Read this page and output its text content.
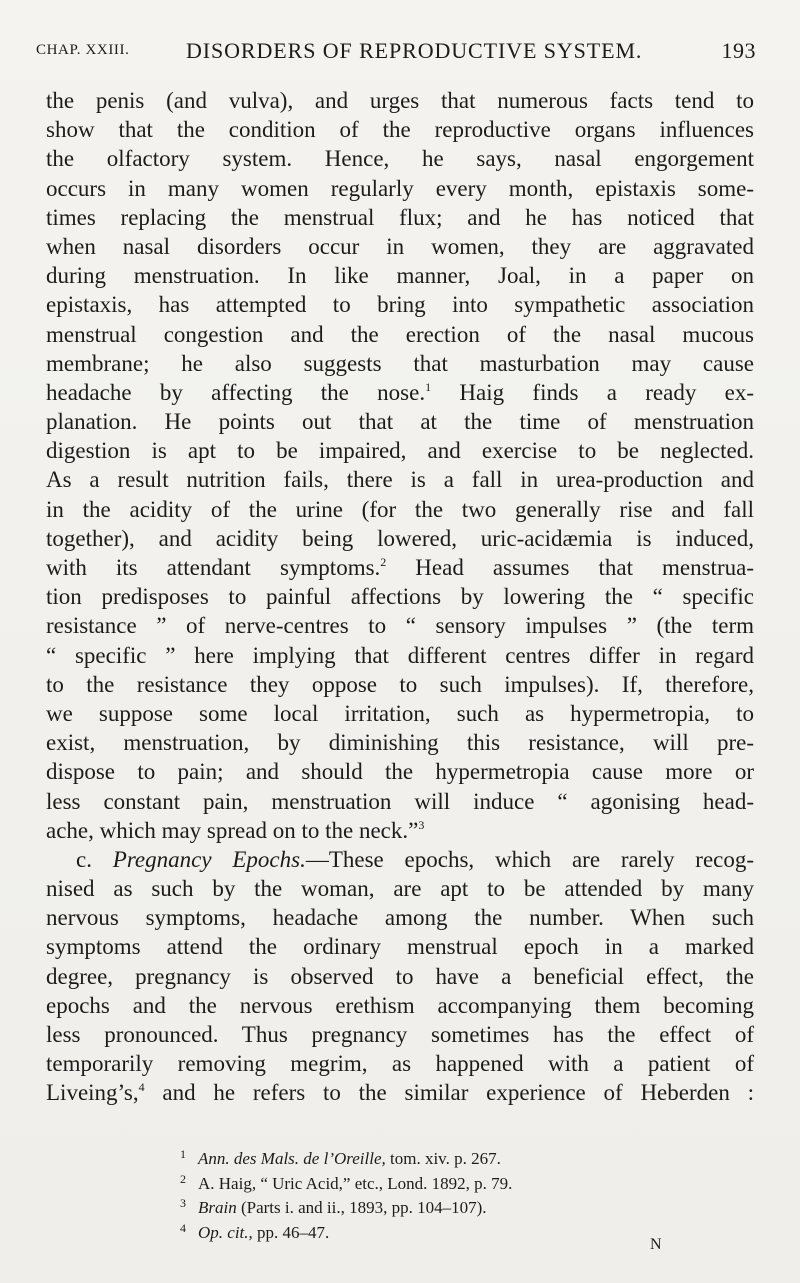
CHAP. XXIII.	DISORDERS OF REPRODUCTIVE SYSTEM.	193
the penis (and vulva), and urges that numerous facts tend to
show that the condition of the reproductive organs influences
the olfactory system. Hence, he says, nasal engorgement
occurs in many women regularly every month, epistaxis some-
times replacing the menstrual flux; and he has noticed that
when nasal disorders occur in women, they are aggravated
during menstruation. In like manner, Joal, in a paper on
epistaxis, has attempted to bring into sympathetic association
menstrual congestion and the erection of the nasal mucous
membrane; he also suggests that masturbation may cause
headache by affecting the nose.$^1$ Haig finds a ready ex-
planation. He points out that at the time of menstruation
digestion is apt to be impaired, and exercise to be neglected.
As a result nutrition fails, there is a fall in urea-production and
in the acidity of the urine (for the two generally rise and fall
together), and acidity being lowered, uric-acidæmia is induced,
with its attendant symptoms.$^2$ Head assumes that menstrua-
tion predisposes to painful affections by lowering the “ specific
resistance ” of nerve-centres to “ sensory impulses ” (the term
“ specific ” here implying that different centres differ in regard
to the resistance they oppose to such impulses). If, therefore,
we suppose some local irritation, such as hypermetropia, to
exist, menstruation, by diminishing this resistance, will pre-
dispose to pain; and should the hypermetropia cause more or
less constant pain, menstruation will induce “ agonising head-
ache, which may spread on to the neck.”$^3$
c. Pregnancy Epochs.—These epochs, which are rarely recog-
nised as such by the woman, are apt to be attended by many
nervous symptoms, headache among the number. When such
symptoms attend the ordinary menstrual epoch in a marked
degree, pregnancy is observed to have a beneficial effect, the
epochs and the nervous erethism accompanying them becoming
less pronounced. Thus pregnancy sometimes has the effect of
temporarily removing megrim, as happened with a patient of
Liveing’s,$^4$ and he refers to the similar experience of Heberden :
1 Ann. des Mals. de l’Oreille, tom. xiv. p. 267.
2 A. Haig, “ Uric Acid,” etc., Lond. 1892, p. 79.
3 Brain (Parts i. and ii., 1893, pp. 104–107).
4 Op. cit., pp. 46–47.
N
